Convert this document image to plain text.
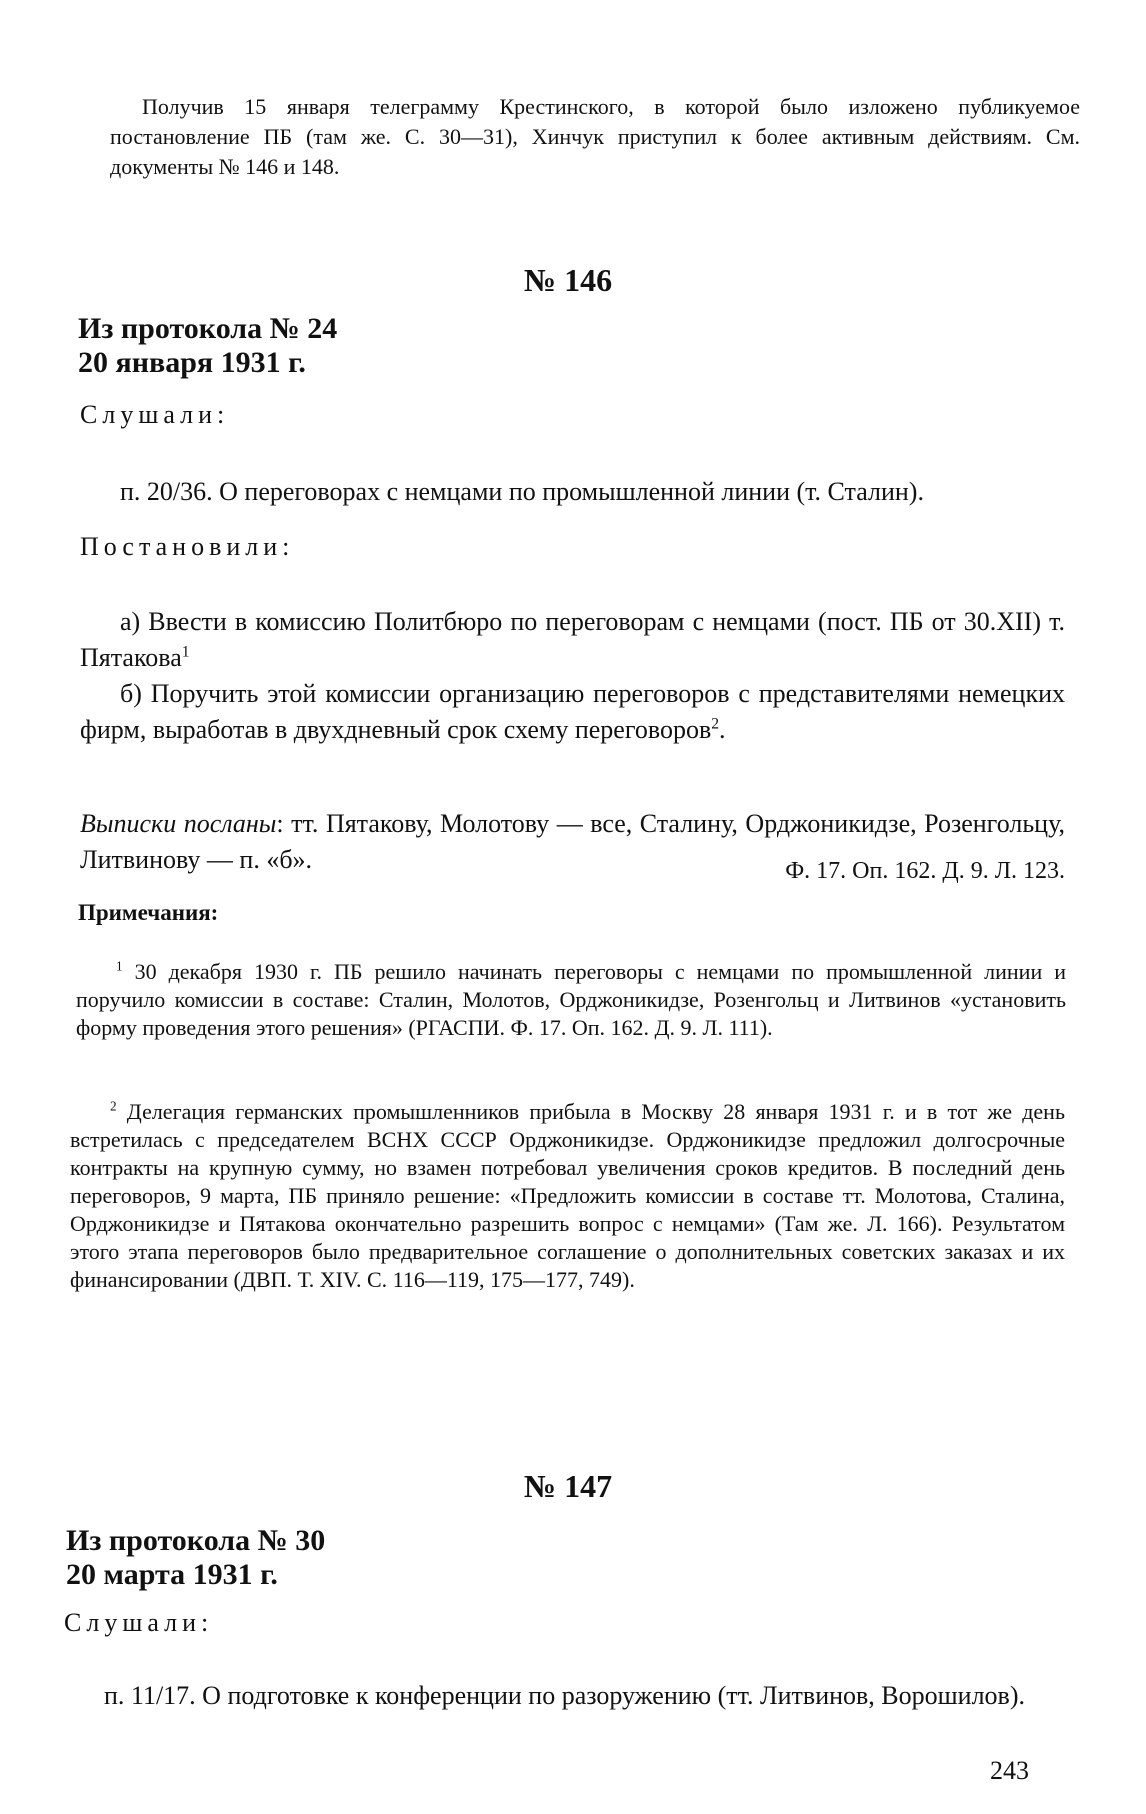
Получив 15 января телеграмму Крестинского, в которой было изложено публикуемое постановление ПБ (там же. С. 30—31), Хинчук приступил к более активным действиям. См. документы № 146 и 148.

№ 146
Из протокола № 24
20 января 1931 г.
Слушали:

п. 20/36. О переговорах с немцами по промышленной линии (т. Сталин).

Постановили:

а) Ввести в комиссию Политбюро по переговорам с немцами (пост. ПБ от 30.XII) т. Пятакова$^1$

б) Поручить этой комиссии организацию переговоров с представителями немецких фирм, выработав в двухдневный срок схему переговоров$^2$.

Выписки посланы: тт. Пятакову, Молотову — все, Сталину, Орджоникидзе, Розенгольцу, Литвинову — п. «б».	Ф. 17. Оп. 162. Д. 9. Л. 123.
Примечания:

$^1$ 30 декабря 1930 г. ПБ решило начинать переговоры с немцами по промышленной линии и поручило комиссии в составе: Сталин, Молотов, Орджоникидзе, Розенгольц и Литвинов «установить форму проведения этого решения» (РГАСПИ. Ф. 17. Оп. 162. Д. 9. Л. 111).

$^2$ Делегация германских промышленников прибыла в Москву 28 января 1931 г. и в тот же день встретилась с председателем ВСНХ СССР Орджоникидзе. Орджоникидзе предложил долгосрочные контракты на крупную сумму, но взамен потребовал увеличения сроков кредитов. В последний день переговоров, 9 марта, ПБ приняло решение: «Предложить комиссии в составе тт. Молотова, Сталина, Орджоникидзе и Пятакова окончательно разрешить вопрос с немцами» (Там же. Л. 166). Результатом этого этапа переговоров было предварительное соглашение о дополнительных советских заказах и их финансировании (ДВП. Т. XIV. С. 116—119, 175—177, 749).

№ 147
Из протокола № 30
20 марта 1931 г.
Слушали:

п. 11/17. О подготовке к конференции по разоружению (тт. Литвинов, Ворошилов).

243
